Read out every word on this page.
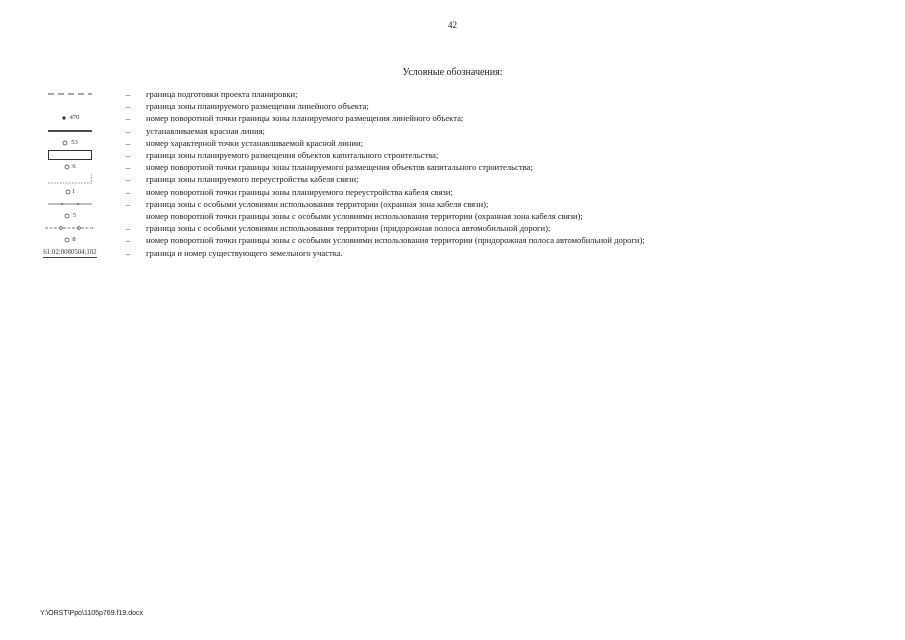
42
Условные обозначения:
–	граница подготовки проекта планировки;
–	граница зоны планируемого размещения линейного объекта;
470	–	номер поворотной точки границы зоны планируемого размещения линейного объекта;
–	устанавливаемая красная линия;
53	–	номер характерной точки устанавливаемой красной линии;
–	граница зоны планируемого размещения объектов капитального строительства;
6	–	номер поворотной точки границы зоны планируемого размещения объектов капитального строительства;
–	граница зоны планируемого переустройства кабеля связи;
1	–	номер поворотной точки границы зоны планируемого переустройства кабеля связи;
–	граница зоны с особыми условиями использования территории (охранная зона кабеля связи);
5	номер поворотной точки границы зоны с особыми условиями использования территории (охранная зона кабеля связи);
–	граница зоны с особыми условиями использования территории (придорожная полоса автомобильной дороги);
8	–	номер поворотной точки границы зоны с особыми условиями использования территории (придорожная полоса автомобильной дороги);
61:02:0080504:102	–	граница и номер существующего земельного участка.
Y:\ORST\Ppo\1105p769.f19.docx
